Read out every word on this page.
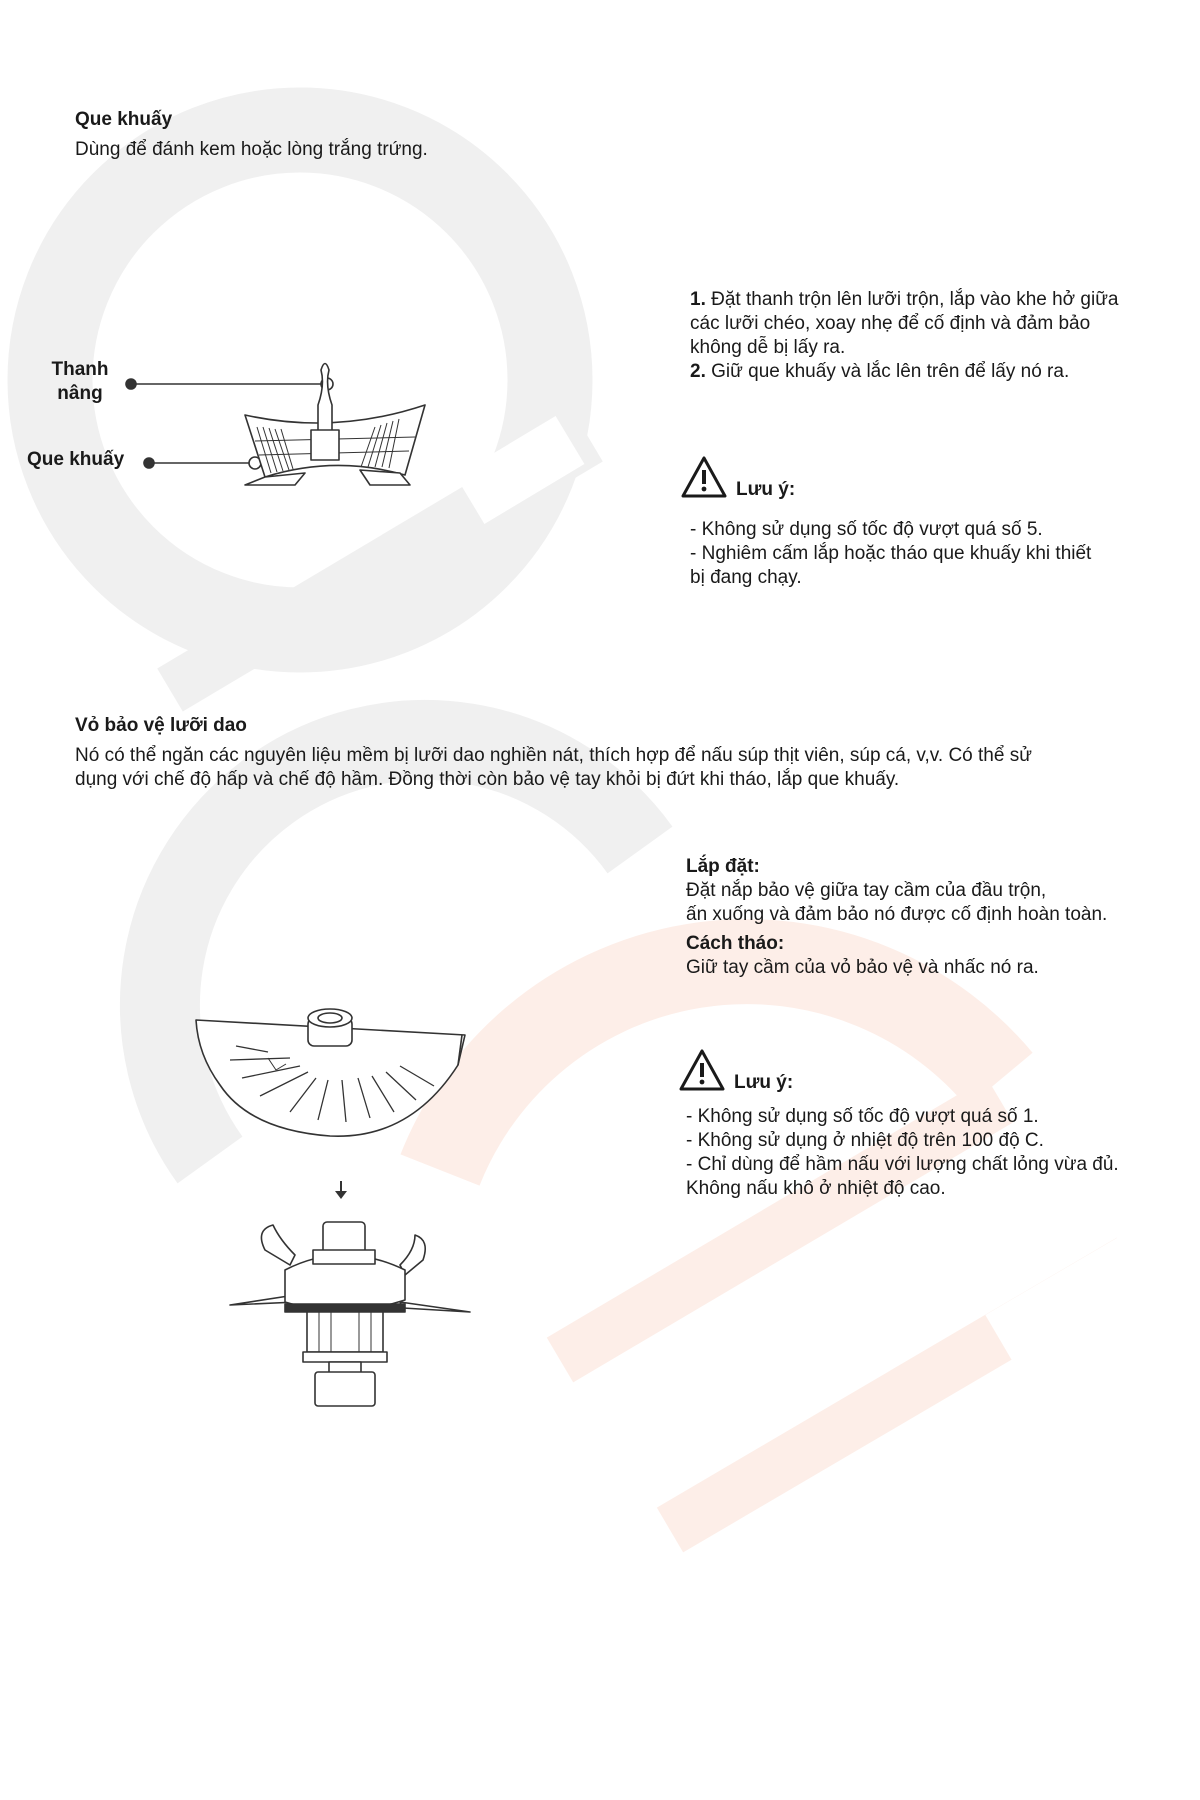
Que khuấy
Dùng để đánh kem hoặc lòng trắng trứng.
Thanh nâng
Que khuấy
1. Đặt thanh trộn lên lưỡi trộn, lắp vào khe hở giữa
các lưỡi chéo, xoay nhẹ để cố định và đảm bảo
không dễ bị lấy ra.
2. Giữ que khuấy và lắc lên trên để lấy nó ra.
Lưu ý:
- Không sử dụng số tốc độ vượt quá số 5.
- Nghiêm cấm lắp hoặc tháo que khuấy khi thiết
bị đang chạy.
Vỏ bảo vệ lưỡi dao
Nó có thể ngăn các nguyên liệu mềm bị lưỡi dao nghiền nát, thích hợp để nấu súp thịt viên, súp cá, v,v. Có thể sử
dụng với chế độ hấp và chế độ hầm. Đồng thời còn bảo vệ tay khỏi bị đứt khi tháo, lắp que khuấy.
Lắp đặt:
Đặt nắp bảo vệ giữa tay cầm của đầu trộn,
ấn xuống và đảm bảo nó được cố định hoàn toàn.
Cách tháo:
Giữ tay cầm của vỏ bảo vệ và nhấc nó ra.
Lưu ý:
- Không sử dụng số tốc độ vượt quá số 1.
- Không sử dụng ở nhiệt độ trên 100 độ C.
- Chỉ dùng để hầm nấu với lượng chất lỏng vừa đủ.
Không nấu khô ở nhiệt độ cao.
